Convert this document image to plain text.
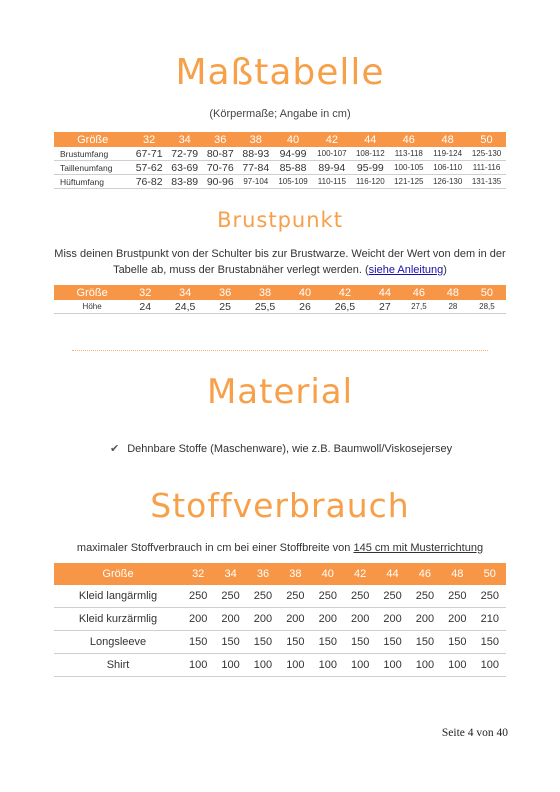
Maßtabelle
(Körpermaße; Angabe in cm)
Größe	32	34	36	38	40	42	44	46	48	50
Brustumfang	67-71	72-79	80-87	88-93	94-99	100-107	108-112	113-118	119-124	125-130
Taillenumfang	57-62	63-69	70-76	77-84	85-88	89-94	95-99	100-105	106-110	111-116
Hüftumfang	76-82	83-89	90-96	97-104	105-109	110-115	116-120	121-125	126-130	131-135
Brustpunkt
Miss deinen Brustpunkt von der Schulter bis zur Brustwarze. Weicht der Wert von dem in der Tabelle ab, muss der Brustabnäher verlegt werden. (siehe Anleitung)
Größe	32	34	36	38	40	42	44	46	48	50
Höhe	24	24,5	25	25,5	26	26,5	27	27,5	28	28,5
Material
✔ Dehnbare Stoffe (Maschenware), wie z.B. Baumwoll/Viskosejersey
Stoffverbrauch
maximaler Stoffverbrauch in cm bei einer Stoffbreite von 145 cm mit Musterrichtung
Größe	32	34	36	38	40	42	44	46	48	50
Kleid langärmlig	250	250	250	250	250	250	250	250	250	250
Kleid kurzärmlig	200	200	200	200	200	200	200	200	200	210
Longsleeve	150	150	150	150	150	150	150	150	150	150
Shirt	100	100	100	100	100	100	100	100	100	100
Seite 4 von 40
